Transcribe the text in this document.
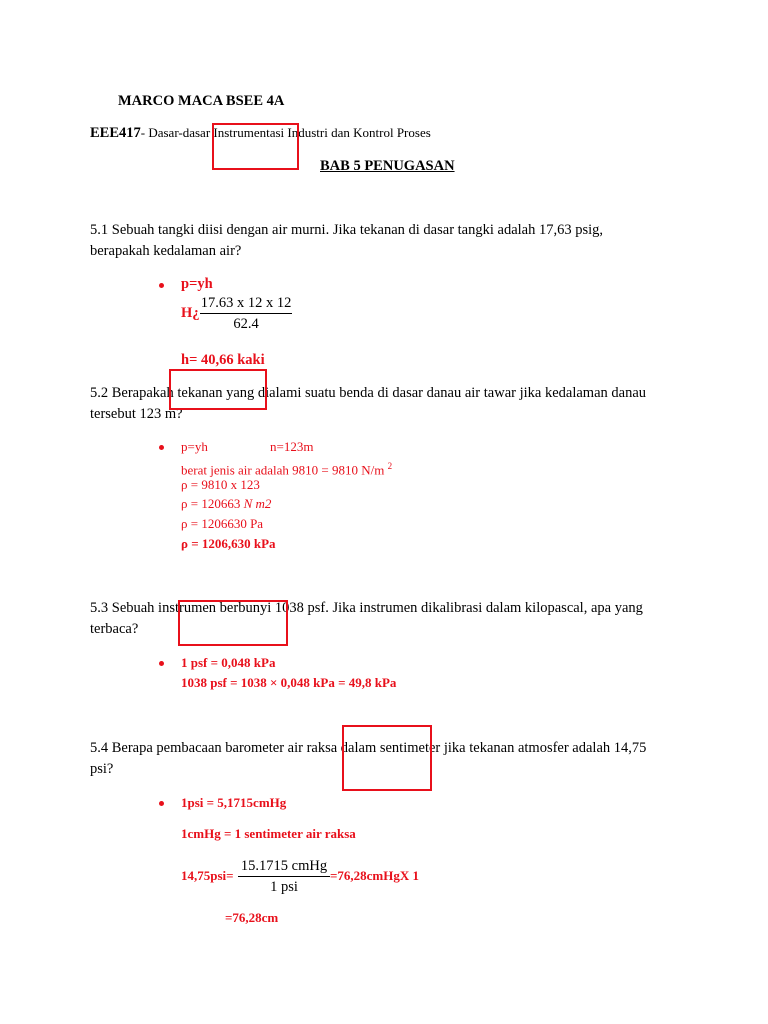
MARCO MACA BSEE 4A
EEE417- Dasar-dasar Instrumentasi Industri dan Kontrol Proses
BAB 5 PENUGASAN
5.1 Sebuah tangki diisi dengan air murni. Jika tekanan di dasar tangki adalah 17,63 psig,
berapakah kedalaman air?
p=yh
H¿
17.63 x 12 x 12
62.4
h= 40,66 kaki
5.2 Berapakah tekanan yang dialami suatu benda di dasar danau air tawar jika kedalaman danau
tersebut 123 m?
p=yh	n=123m
berat jenis air adalah 9810 = 9810 N/m $^2$
ρ = 9810 x 123
ρ = 120663 N m2
ρ = 1206630 Pa
ρ = 1206,630 kPa
5.3 Sebuah instrumen berbunyi 1038 psf. Jika instrumen dikalibrasi dalam kilopascal, apa yang
terbaca?
1 psf = 0,048 kPa
1038 psf = 1038 × 0,048 kPa = 49,8 kPa
5.4 Berapa pembacaan barometer air raksa dalam sentimeter jika tekanan atmosfer adalah 14,75
psi?
1psi = 5,1715cmHg
1cmHg = 1 sentimeter air raksa
14,75psi=
15.1715 cmHg
1 psi
=76,28cmHgX 1
=76,28cm
